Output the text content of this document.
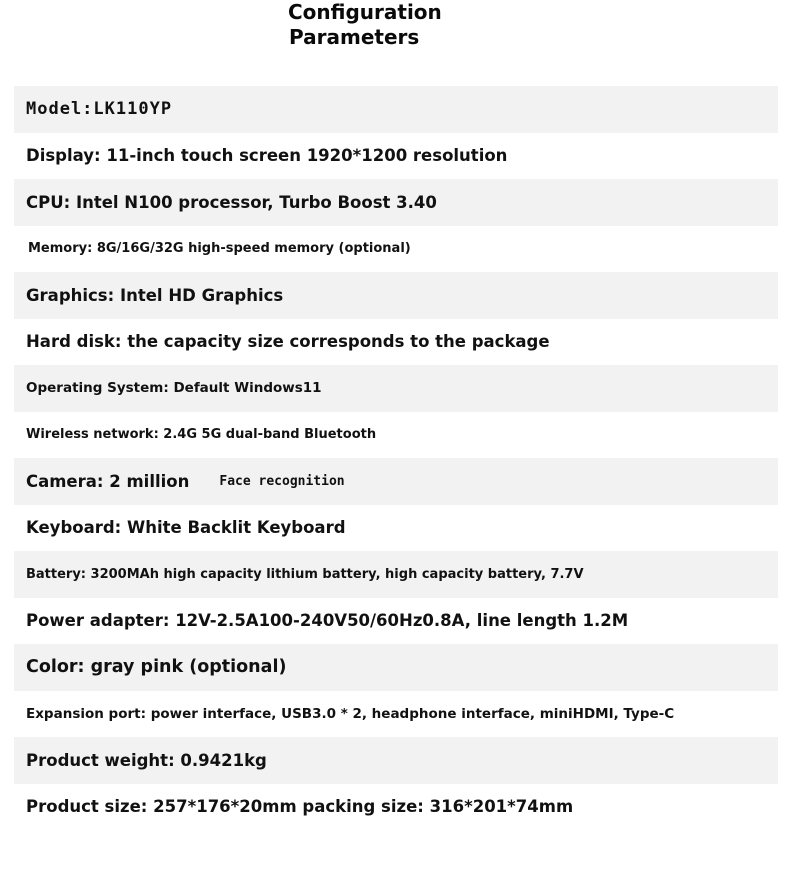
Configuration
Parameters
Model:LK110YP
Display: 11-inch touch screen 1920*1200 resolution
CPU: Intel N100 processor, Turbo Boost 3.40
Memory: 8G/16G/32G high-speed memory (optional)
Graphics: Intel HD Graphics
Hard disk: the capacity size corresponds to the package
Operating System: Default Windows11
Wireless network: 2.4G 5G dual-band Bluetooth
Camera: 2 million Face recognition
Keyboard: White Backlit Keyboard
Battery: 3200MAh high capacity lithium battery, high capacity battery, 7.7V
Power adapter: 12V-2.5A100-240V50/60Hz0.8A, line length 1.2M
Color: gray pink (optional)
Expansion port: power interface, USB3.0 * 2, headphone interface, miniHDMI, Type-C
Product weight: 0.9421kg
Product size: 257*176*20mm packing size: 316*201*74mm
